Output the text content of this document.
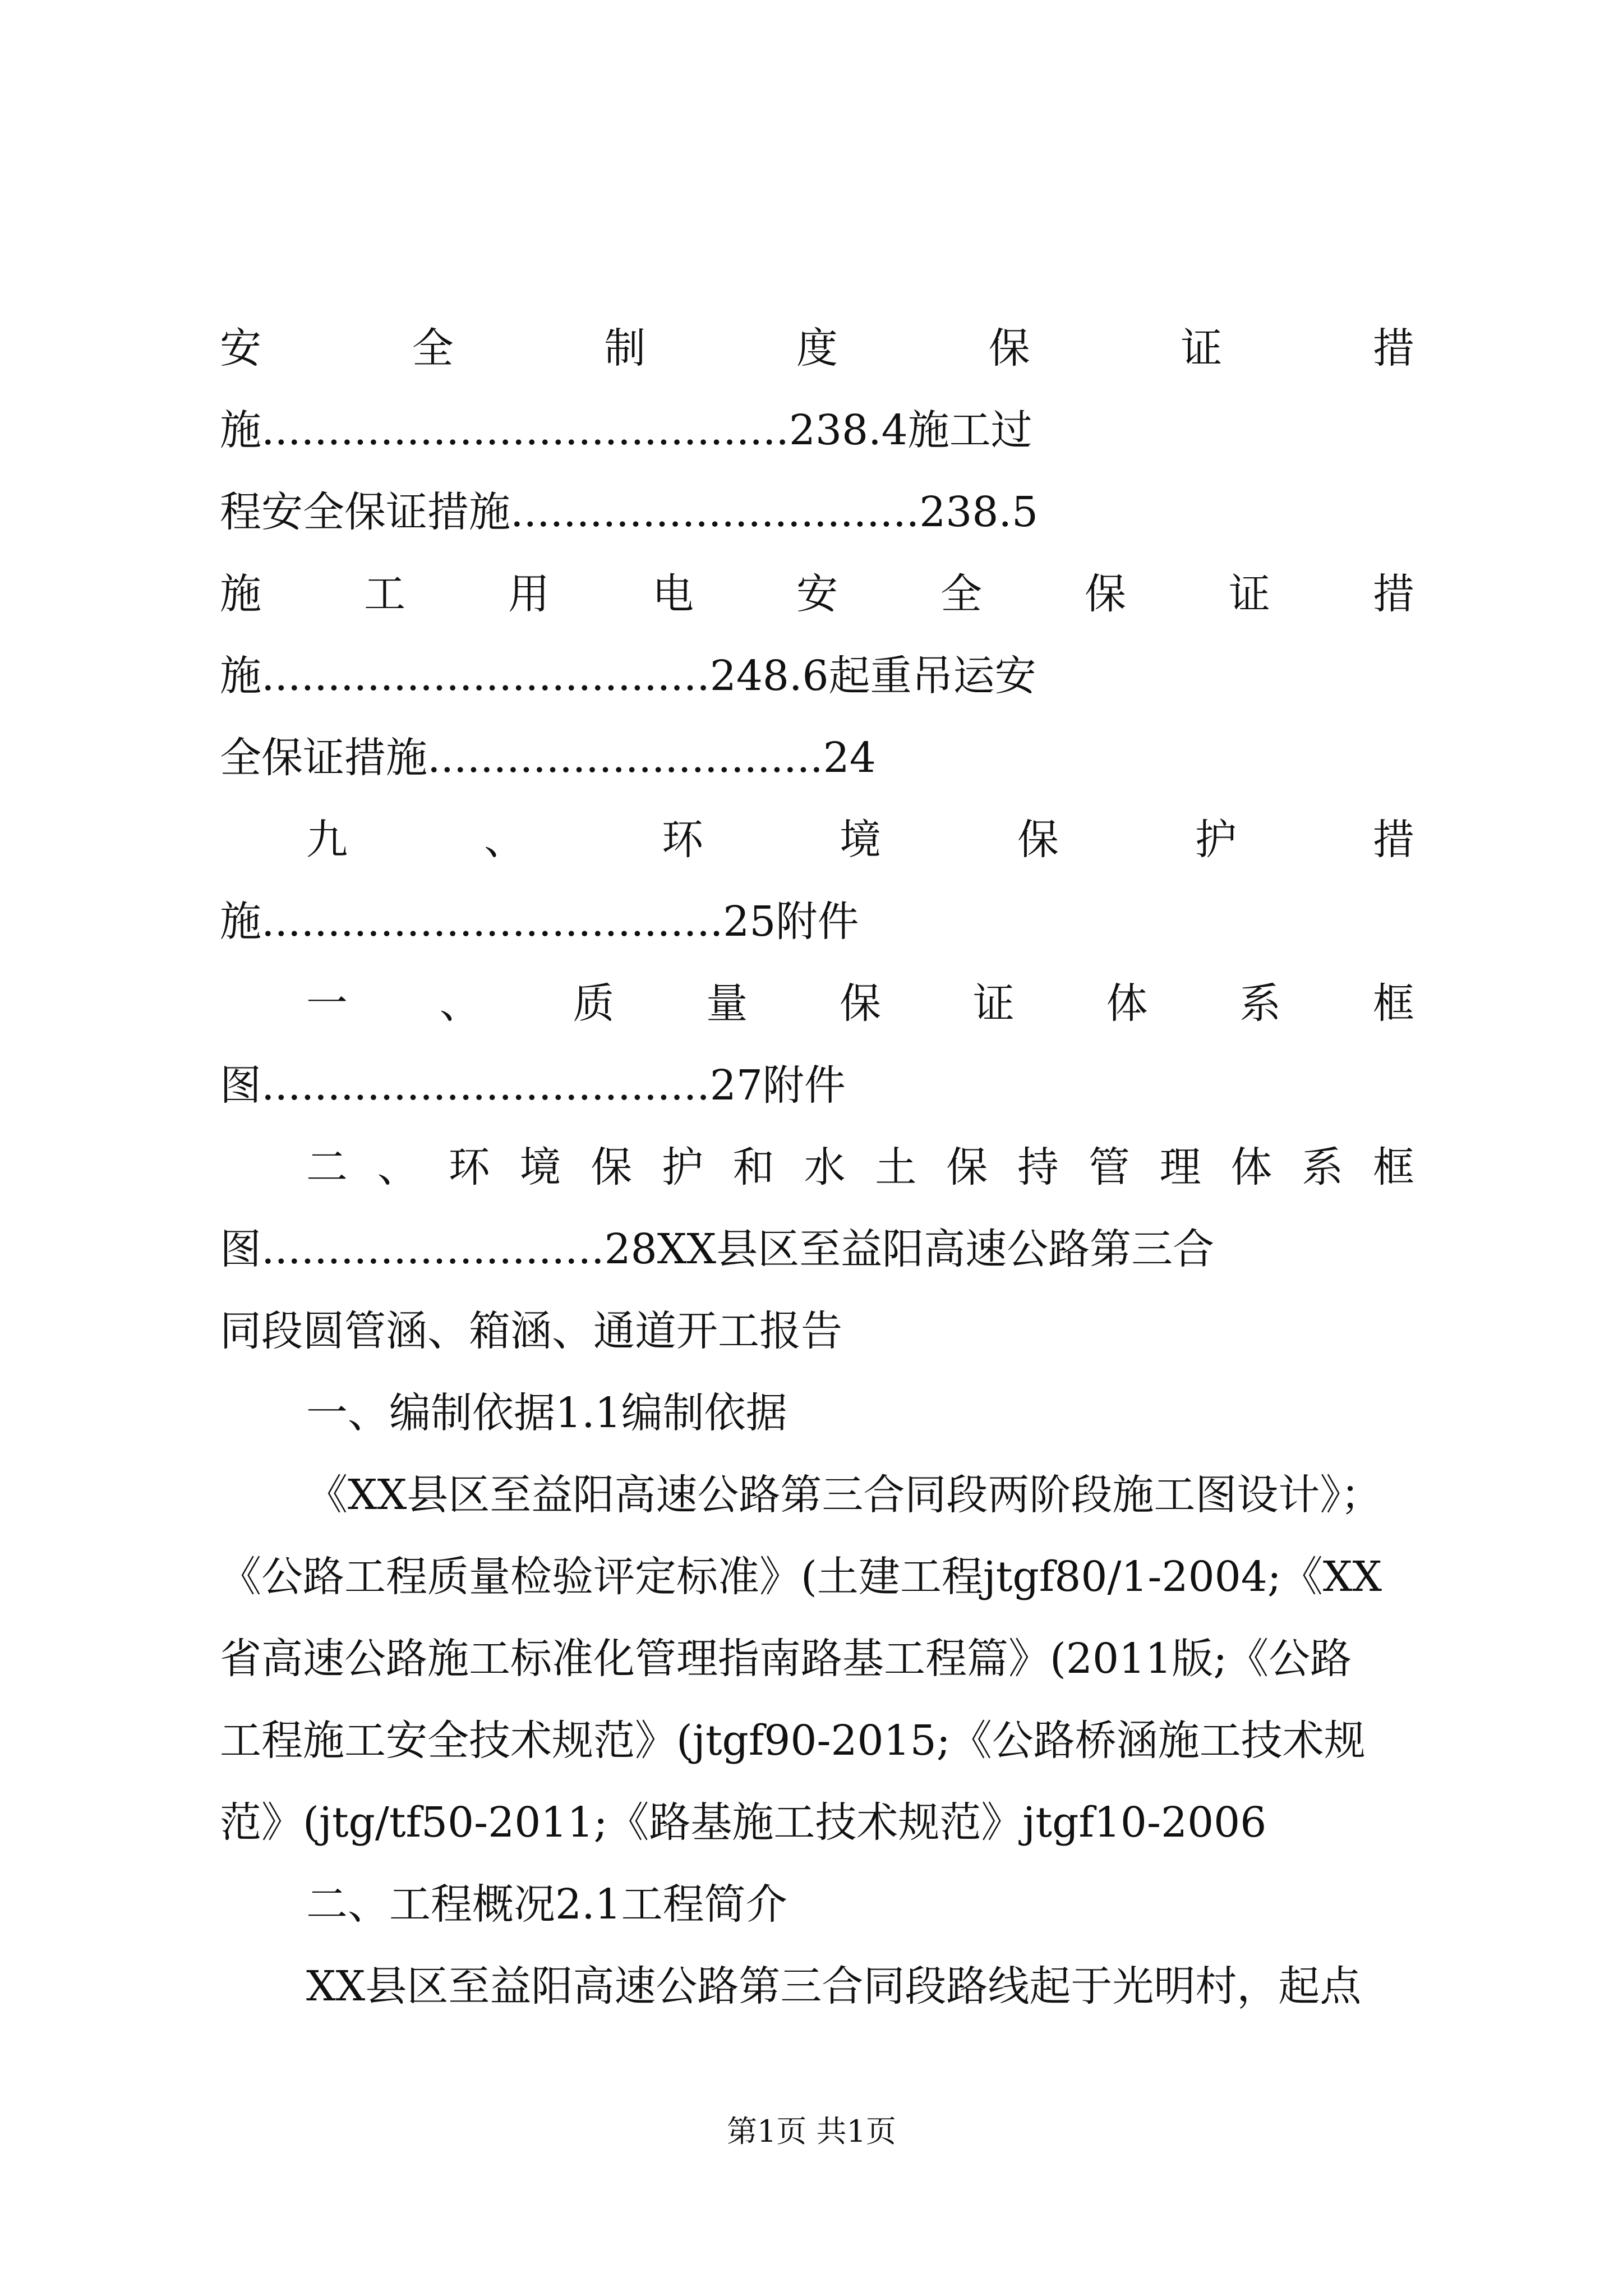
安 全 制 度 保 证 措
施........................................238.4施工过
程安全保证措施...............................238.5
施 工 用 电 安 全 保 证 措
施..................................248.6起重吊运安
全保证措施..............................24
九 、 环 境 保 护 措
施...................................25附件
一 、 质 量 保 证 体 系 框
图..................................27附件
二 、 环 境 保 护 和 水 土 保 持 管 理 体 系 框
图..........................28XX县区至益阳高速公路第三合
同段圆管涵、箱涵、通道开工报告
一、编制依据1.1编制依据
《XX县区至益阳高速公路第三合同段两阶段施工图设计》；
《公路工程质量检验评定标准》(土建工程jtgf80/1-2004;《XX
省高速公路施工标准化管理指南路基工程篇》(2011版;《公路
工程施工安全技术规范》(jtgf90-2015;《公路桥涵施工技术规
范》(jtg/tf50-2011;《路基施工技术规范》jtgf10-2006
二、工程概况2.1工程简介
XX县区至益阳高速公路第三合同段路线起于光明村，起点
第1页 共1页
